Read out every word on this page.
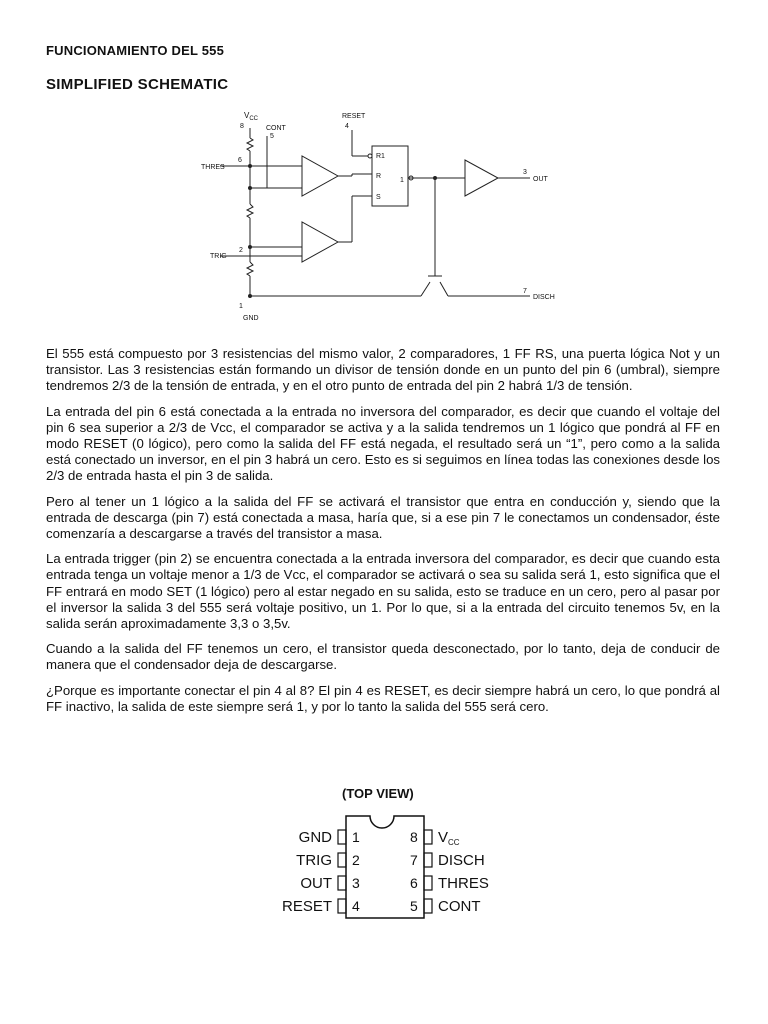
FUNCIONAMIENTO DEL 555
SIMPLIFIED SCHEMATIC
$V_{CC}$
8	CONT
5
RESET
4
THRES
6
TRIG
2
1
GND
R1
R
S
1
3
OUT
7
DISCH

El 555 está compuesto por 3 resistencias del mismo valor, 2 comparadores, 1 FF RS, una puerta lógica Not y un transistor. Las 3 resistencias están formando un divisor de tensión donde en un punto del pin 6 (umbral), siempre tendremos 2/3 de la tensión de entrada, y en el otro punto de entrada del pin 2 habrá 1/3 de tensión.

La entrada del pin 6 está conectada a la entrada no inversora del comparador, es decir que cuando el voltaje del pin 6 sea superior a 2/3 de Vcc, el comparador se activa y a la salida tendremos un 1 lógico que pondrá al FF en modo RESET (0 lógico), pero como la salida del FF está negada, el resultado será un “1”, pero como a la salida está conectado un inversor, en el pin 3 habrá un cero. Esto es si seguimos en línea todas las conexiones desde los 2/3 de entrada hasta el pin 3 de salida.

Pero al tener un 1 lógico a la salida del FF se activará el transistor que entra en conducción y, siendo que la entrada de descarga (pin 7) está conectada a masa, haría que, si a ese pin 7 le conectamos un condensador, éste comenzaría a descargarse a través del transistor a masa.

La entrada trigger (pin 2) se encuentra conectada a la entrada inversora del comparador, es decir que cuando esta entrada tenga un voltaje menor a 1/3 de Vcc, el comparador se activará o sea su salida será 1, esto significa que el FF entrará en modo SET (1 lógico) pero al estar negado en su salida, esto se traduce en un cero, pero al pasar por el inversor la salida 3 del 555 será voltaje positivo, un 1. Por lo que, si a la entrada del circuito tenemos 5v, en la salida serán aproximadamente 3,3 o 3,5v.

Cuando a la salida del FF tenemos un cero, el transistor queda desconectado, por lo tanto, deja de conducir de manera que el condensador deja de descargarse.

¿Porque es importante conectar el pin 4 al 8? El pin 4 es RESET, es decir siempre habrá un cero, lo que pondrá al FF inactivo, la salida de este siempre será 1, y por lo tanto la salida del 555 será cero.

(TOP VIEW)
GND 1
TRIG 2
OUT 3
RESET 4
8 $V_{CC}$
7 DISCH
6 THRES
5 CONT
